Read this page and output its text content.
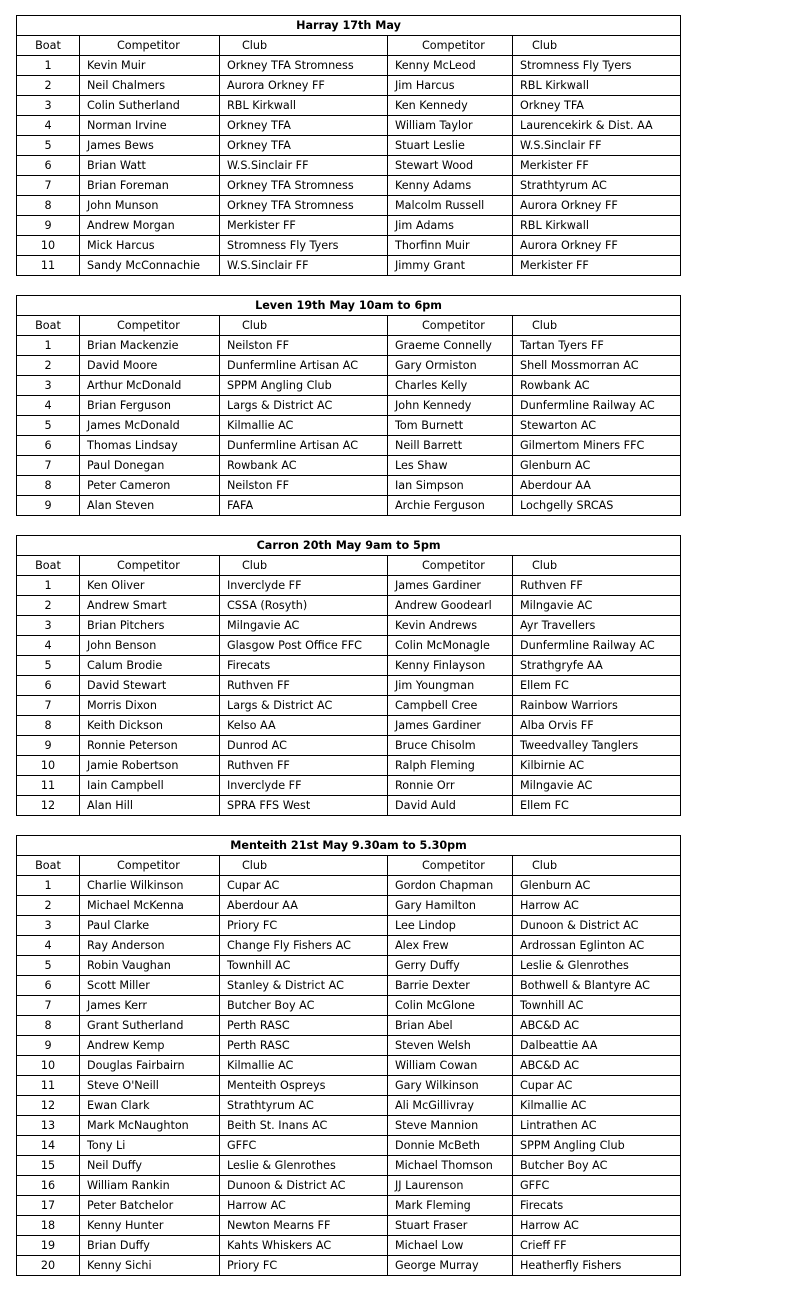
Harray 17th May				
Boat	Competitor	Club	Competitor	Club
1	Kevin Muir	Orkney TFA Stromness	Kenny McLeod	Stromness Fly Tyers
2	Neil Chalmers	Aurora Orkney FF	Jim Harcus	RBL Kirkwall
3	Colin Sutherland	RBL Kirkwall	Ken Kennedy	Orkney TFA
4	Norman Irvine	Orkney TFA	William Taylor	Laurencekirk & Dist. AA
5	James Bews	Orkney TFA	Stuart Leslie	W.S.Sinclair FF
6	Brian Watt	W.S.Sinclair FF	Stewart Wood	Merkister FF
7	Brian Foreman	Orkney TFA Stromness	Kenny Adams	Strathtyrum AC
8	John Munson	Orkney TFA Stromness	Malcolm Russell	Aurora Orkney FF
9	Andrew Morgan	Merkister FF	Jim Adams	RBL Kirkwall
10	Mick Harcus	Stromness Fly Tyers	Thorfinn Muir	Aurora Orkney FF
11	Sandy McConnachie	W.S.Sinclair FF	Jimmy Grant	Merkister FF
Leven 19th May 10am to 6pm				
Boat	Competitor	Club	Competitor	Club
1	Brian Mackenzie	Neilston FF	Graeme Connelly	Tartan Tyers FF
2	David Moore	Dunfermline Artisan AC	Gary Ormiston	Shell Mossmorran AC
3	Arthur McDonald	SPPM Angling Club	Charles Kelly	Rowbank AC
4	Brian Ferguson	Largs & District AC	John Kennedy	Dunfermline Railway AC
5	James McDonald	Kilmallie AC	Tom Burnett	Stewarton AC
6	Thomas Lindsay	Dunfermline Artisan AC	Neill Barrett	Gilmertom Miners FFC
7	Paul Donegan	Rowbank AC	Les Shaw	Glenburn AC
8	Peter Cameron	Neilston FF	Ian Simpson	Aberdour AA
9	Alan Steven	FAFA	Archie Ferguson	Lochgelly SRCAS
Carron 20th May 9am to 5pm				
Boat	Competitor	Club	Competitor	Club
1	Ken Oliver	Inverclyde FF	James Gardiner	Ruthven FF
2	Andrew Smart	CSSA (Rosyth)	Andrew Goodearl	Milngavie AC
3	Brian Pitchers	Milngavie AC	Kevin Andrews	Ayr Travellers
4	John Benson	Glasgow Post Office FFC	Colin McMonagle	Dunfermline Railway AC
5	Calum Brodie	Firecats	Kenny Finlayson	Strathgryfe AA
6	David Stewart	Ruthven FF	Jim Youngman	Ellem FC
7	Morris Dixon	Largs & District AC	Campbell Cree	Rainbow Warriors
8	Keith Dickson	Kelso AA	James Gardiner	Alba Orvis FF
9	Ronnie Peterson	Dunrod AC	Bruce Chisolm	Tweedvalley Tanglers
10	Jamie Robertson	Ruthven FF	Ralph Fleming	Kilbirnie AC
11	Iain Campbell	Inverclyde FF	Ronnie Orr	Milngavie AC
12	Alan Hill	SPRA FFS West	David Auld	Ellem FC
Menteith 21st May 9.30am to 5.30pm				
Boat	Competitor	Club	Competitor	Club
1	Charlie Wilkinson	Cupar AC	Gordon Chapman	Glenburn AC
2	Michael McKenna	Aberdour AA	Gary Hamilton	Harrow AC
3	Paul Clarke	Priory FC	Lee Lindop	Dunoon & District AC
4	Ray Anderson	Change Fly Fishers AC	Alex Frew	Ardrossan Eglinton AC
5	Robin Vaughan	Townhill AC	Gerry Duffy	Leslie & Glenrothes
6	Scott Miller	Stanley & District AC	Barrie Dexter	Bothwell & Blantyre AC
7	James Kerr	Butcher Boy AC	Colin McGlone	Townhill AC
8	Grant Sutherland	Perth RASC	Brian Abel	ABC&D AC
9	Andrew Kemp	Perth RASC	Steven Welsh	Dalbeattie AA
10	Douglas Fairbairn	Kilmallie AC	William Cowan	ABC&D AC
11	Steve O'Neill	Menteith Ospreys	Gary Wilkinson	Cupar AC
12	Ewan Clark	Strathtyrum AC	Ali McGillivray	Kilmallie AC
13	Mark McNaughton	Beith St. Inans AC	Steve Mannion	Lintrathen AC
14	Tony Li	GFFC	Donnie McBeth	SPPM Angling Club
15	Neil Duffy	Leslie & Glenrothes	Michael Thomson	Butcher Boy AC
16	William Rankin	Dunoon & District AC	JJ Laurenson	GFFC
17	Peter Batchelor	Harrow AC	Mark Fleming	Firecats
18	Kenny Hunter	Newton Mearns FF	Stuart Fraser	Harrow AC
19	Brian Duffy	Kahts Whiskers AC	Michael Low	Crieff FF
20	Kenny Sichi	Priory FC	George Murray	Heatherfly Fishers
